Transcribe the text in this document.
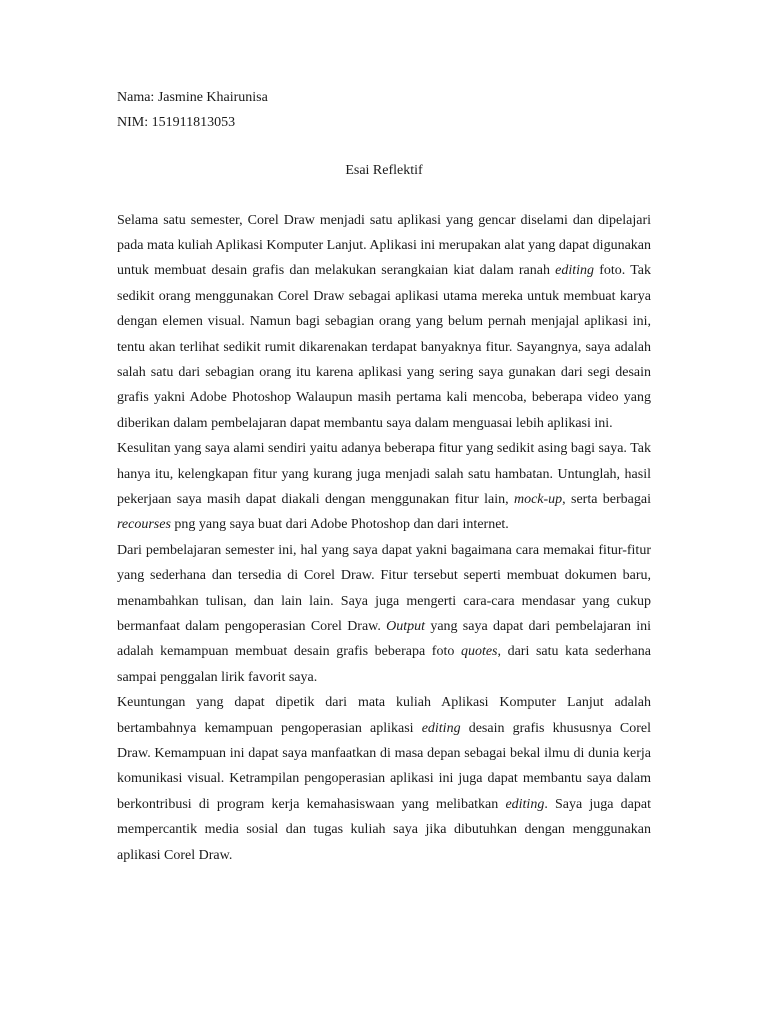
Nama: Jasmine Khairunisa
NIM: 151911813053
Esai Reflektif

Selama satu semester, Corel Draw menjadi satu aplikasi yang gencar diselami dan dipelajari pada mata kuliah Aplikasi Komputer Lanjut. Aplikasi ini merupakan alat yang dapat digunakan untuk membuat desain grafis dan melakukan serangkaian kiat dalam ranah editing foto. Tak sedikit orang menggunakan Corel Draw sebagai aplikasi utama mereka untuk membuat karya dengan elemen visual. Namun bagi sebagian orang yang belum pernah menjajal aplikasi ini, tentu akan terlihat sedikit rumit dikarenakan terdapat banyaknya fitur. Sayangnya, saya adalah salah satu dari sebagian orang itu karena aplikasi yang sering saya gunakan dari segi desain grafis yakni Adobe Photoshop Walaupun masih pertama kali mencoba, beberapa video yang diberikan dalam pembelajaran dapat membantu saya dalam menguasai lebih aplikasi ini.

Kesulitan yang saya alami sendiri yaitu adanya beberapa fitur yang sedikit asing bagi saya. Tak hanya itu, kelengkapan fitur yang kurang juga menjadi salah satu hambatan. Untunglah, hasil pekerjaan saya masih dapat diakali dengan menggunakan fitur lain, mock-up, serta berbagai recourses png yang saya buat dari Adobe Photoshop dan dari internet.

Dari pembelajaran semester ini, hal yang saya dapat yakni bagaimana cara memakai fitur-fitur yang sederhana dan tersedia di Corel Draw. Fitur tersebut seperti membuat dokumen baru, menambahkan tulisan, dan lain lain. Saya juga mengerti cara-cara mendasar yang cukup bermanfaat dalam pengoperasian Corel Draw. Output yang saya dapat dari pembelajaran ini adalah kemampuan membuat desain grafis beberapa foto quotes, dari satu kata sederhana sampai penggalan lirik favorit saya.

Keuntungan yang dapat dipetik dari mata kuliah Aplikasi Komputer Lanjut adalah bertambahnya kemampuan pengoperasian aplikasi editing desain grafis khususnya Corel Draw. Kemampuan ini dapat saya manfaatkan di masa depan sebagai bekal ilmu di dunia kerja komunikasi visual. Ketrampilan pengoperasian aplikasi ini juga dapat membantu saya dalam berkontribusi di program kerja kemahasiswaan yang melibatkan editing. Saya juga dapat mempercantik media sosial dan tugas kuliah saya jika dibutuhkan dengan menggunakan aplikasi Corel Draw.
